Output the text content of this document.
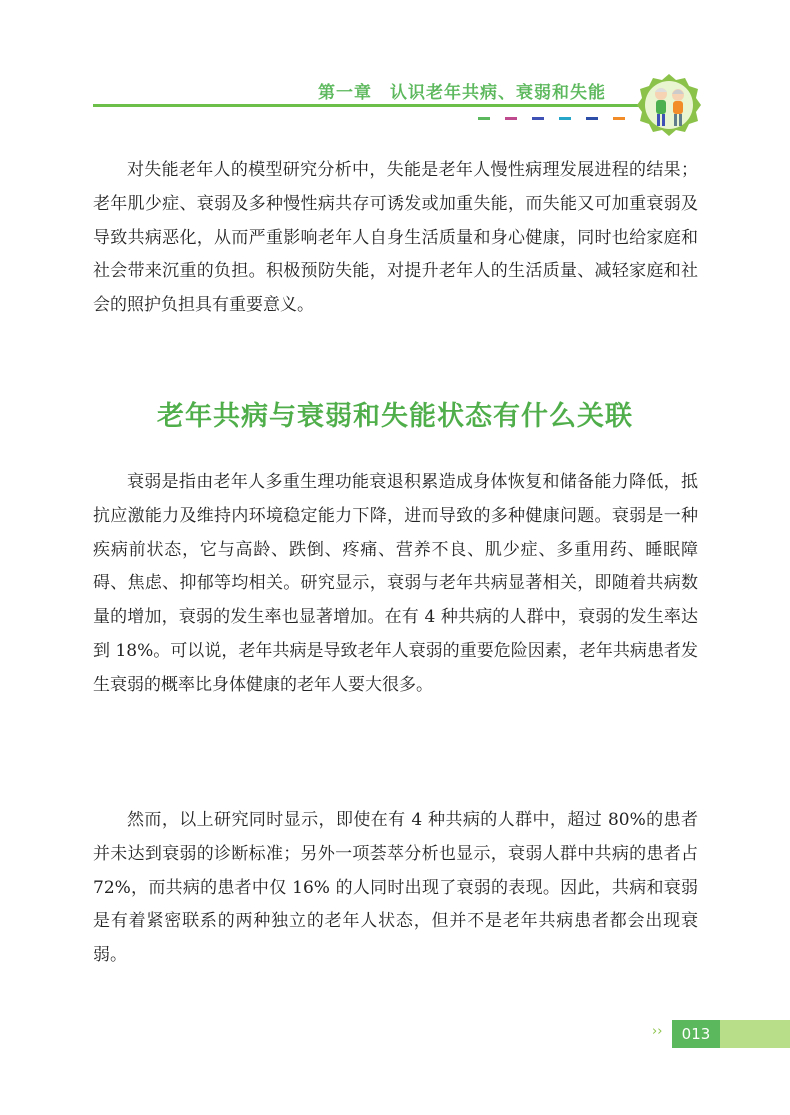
第一章　认识老年共病、衰弱和失能

对失能老年人的模型研究分析中，失能是老年人慢性病理发展进程的结果；老年肌少症、衰弱及多种慢性病共存可诱发或加重失能，而失能又可加重衰弱及导致共病恶化，从而严重影响老年人自身生活质量和身心健康，同时也给家庭和社会带来沉重的负担。积极预防失能，对提升老年人的生活质量、减轻家庭和社会的照护负担具有重要意义。

老年共病与衰弱和失能状态有什么关联

衰弱是指由老年人多重生理功能衰退积累造成身体恢复和储备能力降低，抵抗应激能力及维持内环境稳定能力下降，进而导致的多种健康问题。衰弱是一种疾病前状态，它与高龄、跌倒、疼痛、营养不良、肌少症、多重用药、睡眠障碍、焦虑、抑郁等均相关。研究显示，衰弱与老年共病显著相关，即随着共病数量的增加，衰弱的发生率也显著增加。在有 4 种共病的人群中，衰弱的发生率达到 18%。可以说，老年共病是导致老年人衰弱的重要危险因素，老年共病患者发生衰弱的概率比身体健康的老年人要大很多。

然而，以上研究同时显示，即使在有 4 种共病的人群中，超过 80%的患者并未达到衰弱的诊断标准；另外一项荟萃分析也显示，衰弱人群中共病的患者占 72%，而共病的患者中仅 16% 的人同时出现了衰弱的表现。因此，共病和衰弱是有着紧密联系的两种独立的老年人状态，但并不是老年共病患者都会出现衰弱。

››	013
